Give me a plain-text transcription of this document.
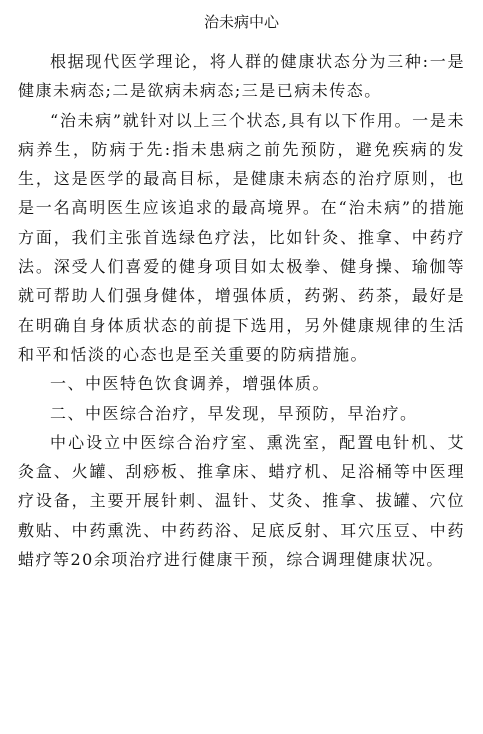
治未病中心

根据现代医学理论，将人群的健康状态分为三种:一是健康未病态;二是欲病未病态;三是已病未传态。

“治未病”就针对以上三个状态,具有以下作用。一是未病养生，防病于先:指未患病之前先预防，避免疾病的发生，这是医学的最高目标，是健康未病态的治疗原则，也是一名高明医生应该追求的最高境界。在“治未病”的措施方面，我们主张首选绿色疗法，比如针灸、推拿、中药疗法。深受人们喜爱的健身项目如太极拳、健身操、瑜伽等就可帮助人们强身健体，增强体质，药粥、药茶，最好是在明确自身体质状态的前提下选用，另外健康规律的生活和平和恬淡的心态也是至关重要的防病措施。

一、中医特色饮食调养，增强体质。

二、中医综合治疗，早发现，早预防，早治疗。

中心设立中医综合治疗室、熏洗室，配置电针机、艾灸盒、火罐、刮痧板、推拿床、蜡疗机、足浴桶等中医理疗设备，主要开展针刺、温针、艾灸、推拿、拔罐、穴位敷贴、中药熏洗、中药药浴、足底反射、耳穴压豆、中药蜡疗等20余项治疗进行健康干预，综合调理健康状况。
